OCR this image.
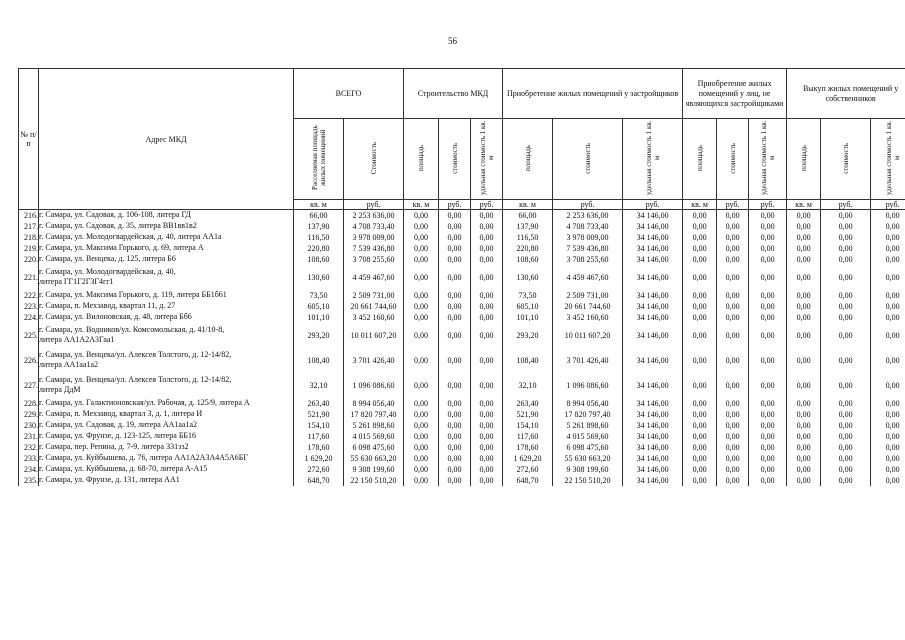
56
№ п/п	Адрес МКД	ВСЕГО		Строительство МКД			Приобретение жилых помещений у застройщиков			Приобретение жилых помещений у лиц, не являющихся застройщиками			Выкуп жилых помещений у собственников		
		Расселяемая площадь жилых помещений	Стоимость	площадь	стоимость	удельная стоимость 1 кв. м	площадь	стоимость	удельная стоимость 1 кв. м	площадь	стоимость	удельная стоимость 1 кв. м	площадь	стоимость	удельная стоимость 1 кв. м
		кв. м	руб.	кв. м	руб.	руб.	кв. м	руб.	руб.	кв. м	руб.	руб.	кв. м	руб.	руб.
216.	г. Самара, ул. Садовая, д. 106-108, литера ГД	66,00	2 253 636,00	0,00	0,00	0,00	66,00	2 253 636,00	34 146,00	0,00	0,00	0,00	0,00	0,00	0,00
217.	г. Самара, ул. Садовая, д. 35, литера ВВ1вв1в2	137,90	4 708 733,40	0,00	0,00	0,00	137,90	4 708 733,40	34 146,00	0,00	0,00	0,00	0,00	0,00	0,00
218.	г. Самара, ул. Молодогвардейская, д. 40, литера АА1а	116,50	3 978 009,00	0,00	0,00	0,00	116,50	3 978 009,00	34 146,00	0,00	0,00	0,00	0,00	0,00	0,00
219.	г. Самара, ул. Максима Горького, д. 69, литера А	220,80	7 539 436,80	0,00	0,00	0,00	220,80	7 539 436,80	34 146,00	0,00	0,00	0,00	0,00	0,00	0,00
220.	г. Самара, ул. Венцека, д. 125, литера Б6	108,60	3 708 255,60	0,00	0,00	0,00	108,60	3 708 255,60	34 146,00	0,00	0,00	0,00	0,00	0,00	0,00
221.	г. Самара, ул. Молодогвардейская, д. 40,
литера ГГ1Г2Г3Г4гг1	130,60	4 459 467,60	0,00	0,00	0,00	130,60	4 459 467,60	34 146,00	0,00	0,00	0,00	0,00	0,00	0,00
222.	г. Самара, ул. Максима Горького, д. 119, литера ББ1б61	73,50	2 509 731,00	0,00	0,00	0,00	73,50	2 509 731,00	34 146,00	0,00	0,00	0,00	0,00	0,00	0,00
223.	г. Самара, п. Мехзавод, квартал 11, д. 27	605,10	20 661 744,60	0,00	0,00	0,00	605,10	20 661 744,60	34 146,00	0,00	0,00	0,00	0,00	0,00	0,00
224.	г. Самара, ул. Вилоновская, д. 48, литера Бб6	101,10	3 452 160,60	0,00	0,00	0,00	101,10	3 452 160,60	34 146,00	0,00	0,00	0,00	0,00	0,00	0,00
225.	г. Самара, ул. Водников/ул. Комсомольская, д. 41/10-8,
литера АА1А2А3Гаа1	293,20	10 011 607,20	0,00	0,00	0,00	293,20	10 011 607,20	34 146,00	0,00	0,00	0,00	0,00	0,00	0,00
226.	г. Самара, ул. Венцека/ул. Алексея Толстого, д. 12-14/82,
литера АА1аа1а2	108,40	3 701 426,40	0,00	0,00	0,00	108,40	3 701 426,40	34 146,00	0,00	0,00	0,00	0,00	0,00	0,00
227.	г. Самара, ул. Венцека/ул. Алексея Толстого, д. 12-14/82,
литера ДдМ	32,10	1 096 086,60	0,00	0,00	0,00	32,10	1 096 086,60	34 146,00	0,00	0,00	0,00	0,00	0,00	0,00
228.	г. Самара, ул. Галактионовская/ул. Рабочая, д. 125/9, литера А	263,40	8 994 056,40	0,00	0,00	0,00	263,40	8 994 056,40	34 146,00	0,00	0,00	0,00	0,00	0,00	0,00
229.	г. Самара, п. Мехзавод, квартал 3, д. 1, литера И	521,90	17 820 797,40	0,00	0,00	0,00	521,90	17 820 797,40	34 146,00	0,00	0,00	0,00	0,00	0,00	0,00
230.	г. Самара, ул. Садовая, д. 19, литера АА1аа1а2	154,10	5 261 898,60	0,00	0,00	0,00	154,10	5 261 898,60	34 146,00	0,00	0,00	0,00	0,00	0,00	0,00
231.	г. Самара, ул. Фрунзе, д. 123-125, литера ББ16	117,60	4 015 569,60	0,00	0,00	0,00	117,60	4 015 569,60	34 146,00	0,00	0,00	0,00	0,00	0,00	0,00
232.	г. Самара, пер. Репина, д. 7-9, литера З31зз2	178,60	6 098 475,60	0,00	0,00	0,00	178,60	6 098 475,60	34 146,00	0,00	0,00	0,00	0,00	0,00	0,00
233.	г. Самара, ул. Куйбышева, д. 76, литера АА1А2А3А4А5А6БГ	1 629,20	55 630 663,20	0,00	0,00	0,00	1 629,20	55 630 663,20	34 146,00	0,00	0,00	0,00	0,00	0,00	0,00
234.	г. Самара, ул. Куйбышева, д. 68-70, литера А-А15	272,60	9 308 199,60	0,00	0,00	0,00	272,60	9 308 199,60	34 146,00	0,00	0,00	0,00	0,00	0,00	0,00
235.	г. Самара, ул. Фрунзе, д. 131, литера АА1	648,70	22 150 510,20	0,00	0,00	0,00	648,70	22 150 510,20	34 146,00	0,00	0,00	0,00	0,00	0,00	0,00
